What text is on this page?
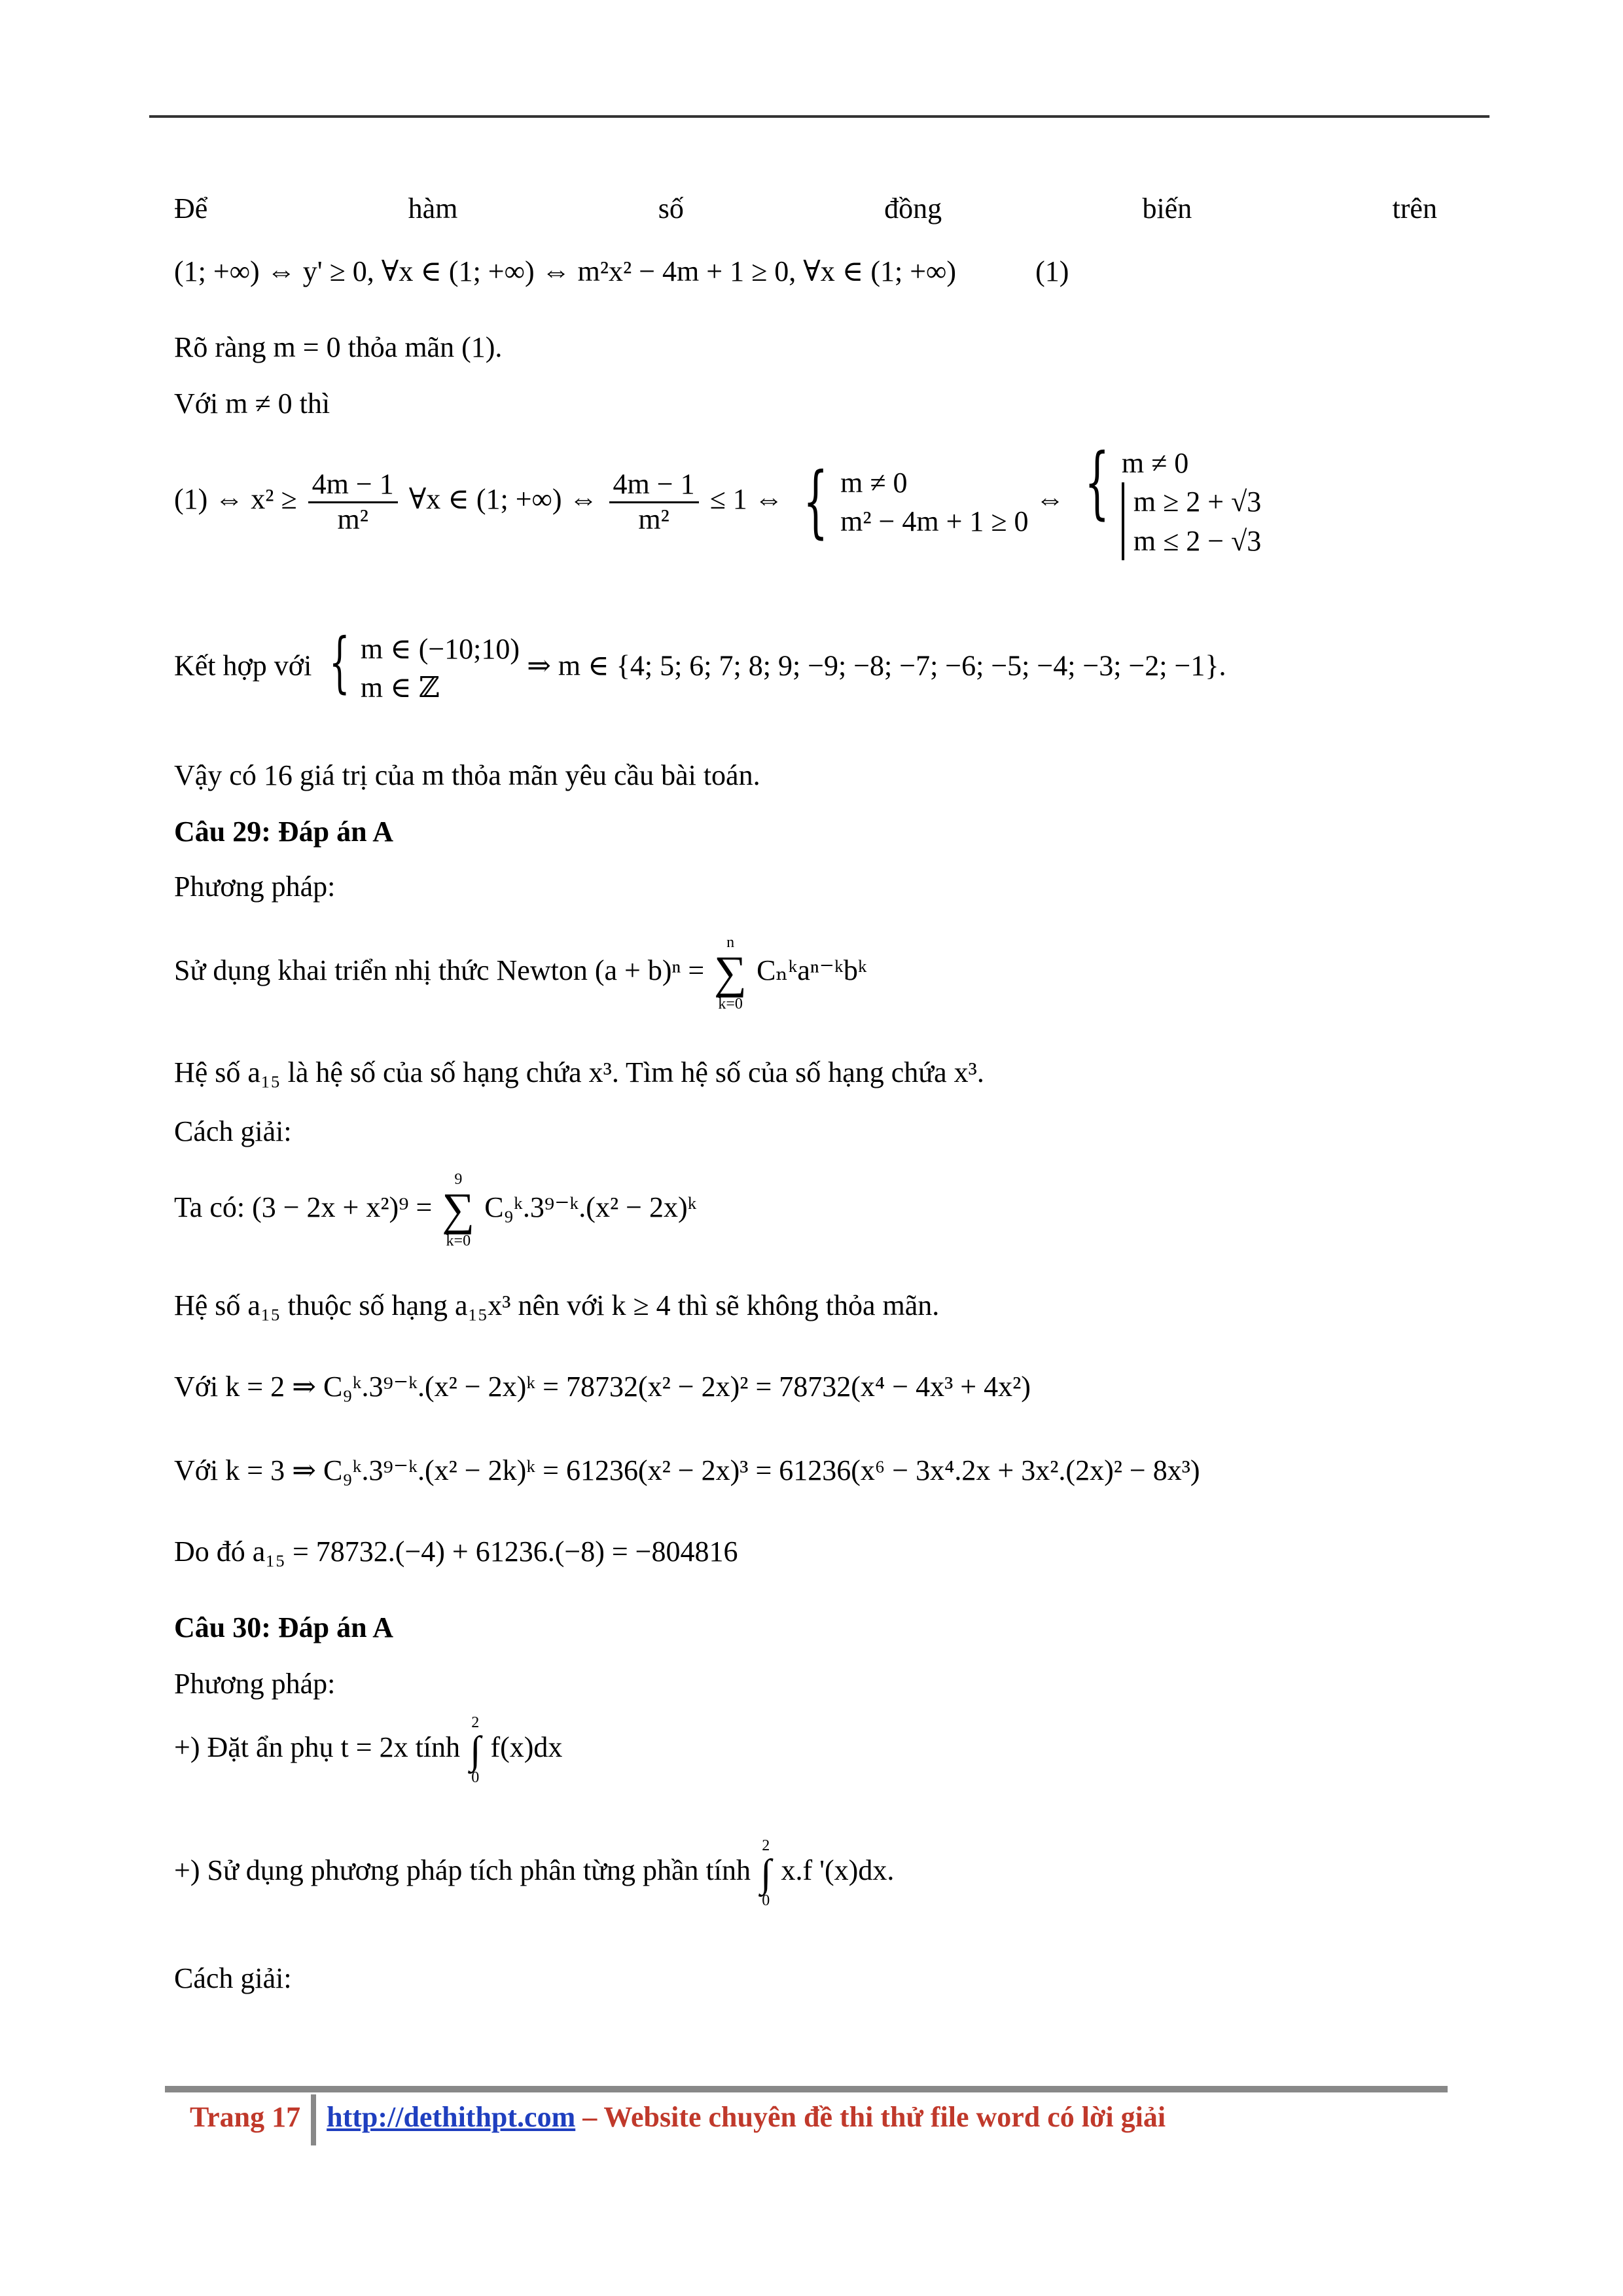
Để	hàm	số	đồng	biến	trên
(1; +∞) ⇔ y' ≥ 0, ∀x ∈ (1; +∞) ⇔ m²x² − 4m + 1 ≥ 0, ∀x ∈ (1; +∞)	(1)
Rõ ràng m = 0 thỏa mãn (1).
Với m ≠ 0 thì
(1) ⇔ $x^2 \ge \frac{4m - 1}{\text{m²}}$ ∀x ∈ (1; +∞) ⇔ $\frac{4m - 1}{\text{m²}} \le 1$ ⇔ { m ≠ 0
m² − 4m + 1 ≥ 0
⇔ { m ≠ 0
m ≥ 2 + √3
m ≤ 2 − √3
Kết hợp với { m ∈ (−10;10)
m ∈ ℤ
⇒ m ∈ {4; 5; 6; 7; 8; 9; −9; −8; −7; −6; −5; −4; −3; −2; −1}.
Vậy có 16 giá trị của m thỏa mãn yêu cầu bài toán.
Câu 29: Đáp án A
Phương pháp:
Sử dụng khai triển nhị thức Newton (a + b)ⁿ =
n
∑
k=0
Cₙᵏaⁿ⁻ᵏbᵏ
Hệ số a₁₅ là hệ số của số hạng chứa x³. Tìm hệ số của số hạng chứa x³.
Cách giải:
Ta có: (3 − 2x + x²)⁹ =
9
∑
k=0
C₉ᵏ.3⁹⁻ᵏ.(x² − 2x)ᵏ
Hệ số a₁₅ thuộc số hạng a₁₅x³ nên với k ≥ 4 thì sẽ không thỏa mãn.
Với k = 2 ⇒ C₉ᵏ.3⁹⁻ᵏ.(x² − 2x)ᵏ = 78732(x² − 2x)² = 78732(x⁴ − 4x³ + 4x²)
Với k = 3 ⇒ C₉ᵏ.3⁹⁻ᵏ.(x² − 2k)ᵏ = 61236(x² − 2x)³ = 61236(x⁶ − 3x⁴.2x + 3x².(2x)² − 8x³)
Do đó a₁₅ = 78732.(−4) + 61236.(−8) = −804816
Câu 30: Đáp án A
Phương pháp:
+) Đặt ẩn phụ t = 2x tính
2
∫
0
f(x)dx
+) Sử dụng phương pháp tích phân từng phần tính
2
∫
0
x.f '(x)dx.
Cách giải:
Trang 17 http://dethithpt.com – Website chuyên đề thi thử file word có lời giải
